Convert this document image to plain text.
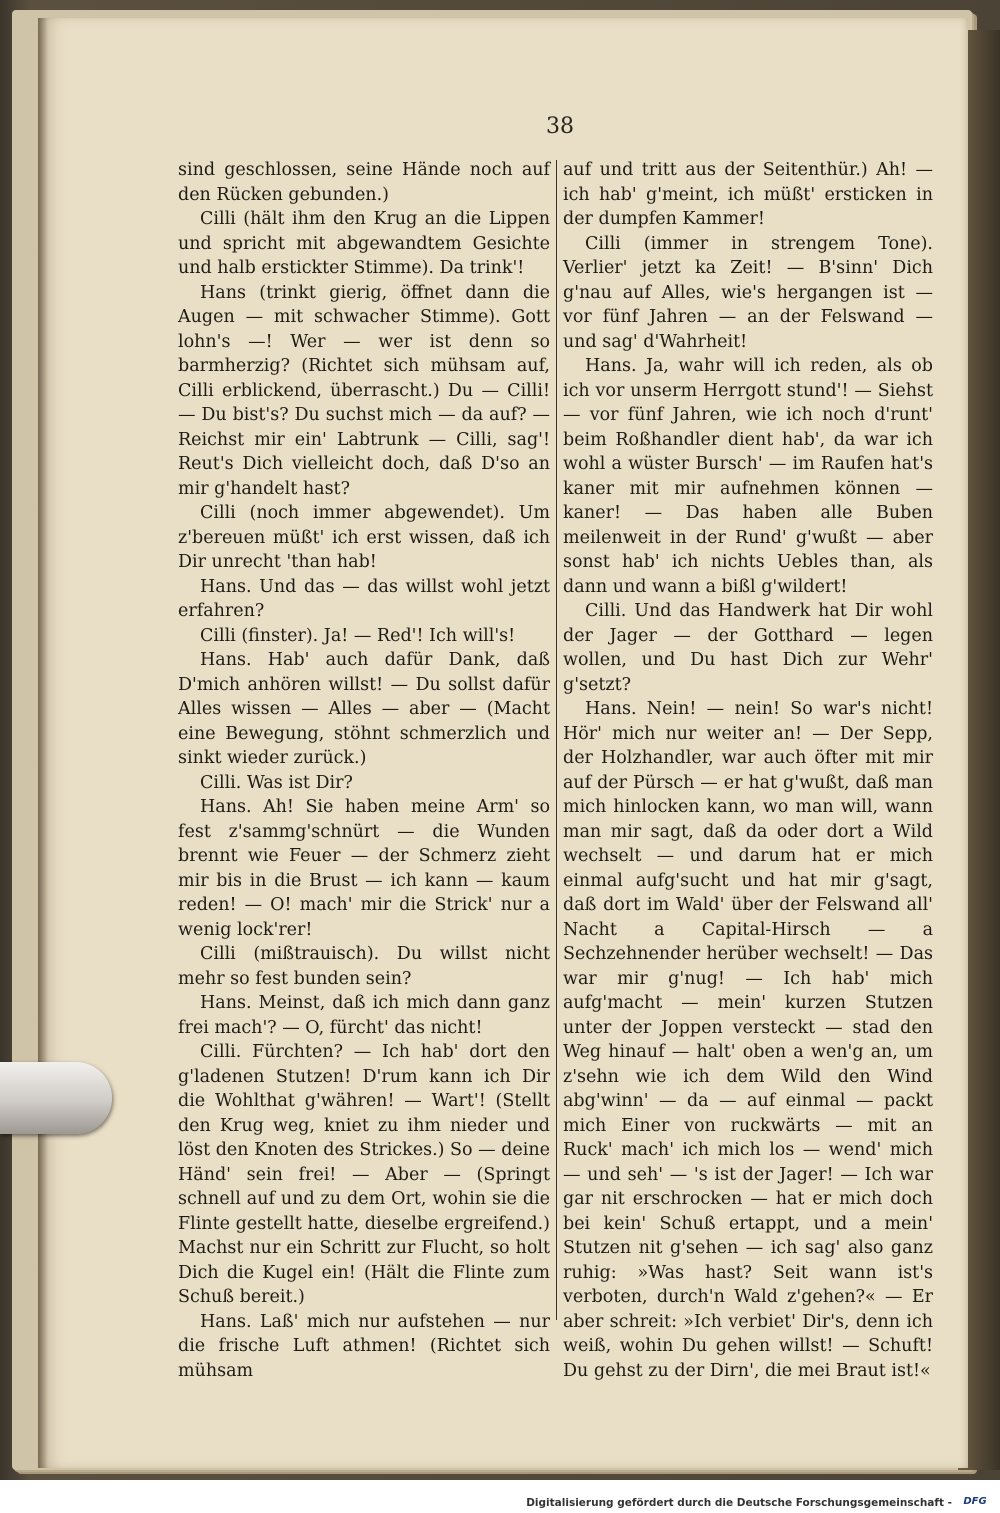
38

sind geschlossen, seine Hände noch auf den Rücken gebunden.)

Cilli (hält ihm den Krug an die Lippen und spricht mit abgewandtem Gesichte und halb erstickter Stimme). Da trink'!

Hans (trinkt gierig, öffnet dann die Augen — mit schwacher Stimme). Gott lohn's —! Wer — wer ist denn so barmherzig? (Richtet sich mühsam auf, Cilli erblickend, überrascht.) Du — Cilli! — Du bist's? Du suchst mich — da auf? — Reichst mir ein' Labtrunk — Cilli, sag'! Reut's Dich vielleicht doch, daß D'so an mir g'handelt hast?

Cilli (noch immer abgewendet). Um z'bereuen müßt' ich erst wissen, daß ich Dir unrecht 'than hab!

Hans. Und das — das willst wohl jetzt erfahren?

Cilli (finster). Ja! — Red'! Ich will's!

Hans. Hab' auch dafür Dank, daß D'mich anhören willst! — Du sollst dafür Alles wissen — Alles — aber — (Macht eine Bewegung, stöhnt schmerzlich und sinkt wieder zurück.)

Cilli. Was ist Dir?

Hans. Ah! Sie haben meine Arm' so fest z'sammg'schnürt — die Wunden brennt wie Feuer — der Schmerz zieht mir bis in die Brust — ich kann — kaum reden! — O! mach' mir die Strick' nur a wenig lock'rer!

Cilli (mißtrauisch). Du willst nicht mehr so fest bunden sein?

Hans. Meinst, daß ich mich dann ganz frei mach'? — O, fürcht' das nicht!

Cilli. Fürchten? — Ich hab' dort den g'ladenen Stutzen! D'rum kann ich Dir die Wohlthat g'währen! — Wart'! (Stellt den Krug weg, kniet zu ihm nieder und löst den Knoten des Strickes.) So — deine Händ' sein frei! — Aber — (Springt schnell auf und zu dem Ort, wohin sie die Flinte gestellt hatte, dieselbe ergreifend.) Machst nur ein Schritt zur Flucht, so holt Dich die Kugel ein! (Hält die Flinte zum Schuß bereit.)

Hans. Laß' mich nur aufstehen — nur die frische Luft athmen! (Richtet sich mühsam

auf und tritt aus der Seitenthür.) Ah! — ich hab' g'meint, ich müßt' ersticken in der dumpfen Kammer!

Cilli (immer in strengem Tone). Verlier' jetzt ka Zeit! — B'sinn' Dich g'nau auf Alles, wie's hergangen ist — vor fünf Jahren — an der Felswand — und sag' d'Wahrheit!

Hans. Ja, wahr will ich reden, als ob ich vor unserm Herrgott stund'! — Siehst — vor fünf Jahren, wie ich noch d'runt' beim Roßhandler dient hab', da war ich wohl a wüster Bursch' — im Raufen hat's kaner mit mir aufnehmen können — kaner! — Das haben alle Buben meilenweit in der Rund' g'wußt — aber sonst hab' ich nichts Uebles than, als dann und wann a bißl g'wildert!

Cilli. Und das Handwerk hat Dir wohl der Jager — der Gotthard — legen wollen, und Du hast Dich zur Wehr' g'setzt?

Hans. Nein! — nein! So war's nicht! Hör' mich nur weiter an! — Der Sepp, der Holzhandler, war auch öfter mit mir auf der Pürsch — er hat g'wußt, daß man mich hinlocken kann, wo man will, wann man mir sagt, daß da oder dort a Wild wechselt — und darum hat er mich einmal aufg'sucht und hat mir g'sagt, daß dort im Wald' über der Felswand all' Nacht a Capital-Hirsch — a Sechzehnender herüber wechselt! — Das war mir g'nug! — Ich hab' mich aufg'macht — mein' kurzen Stutzen unter der Joppen versteckt — stad den Weg hinauf — halt' oben a wen'g an, um z'sehn wie ich dem Wild den Wind abg'winn' — da — auf einmal — packt mich Einer von ruckwärts — mit an Ruck' mach' ich mich los — wend' mich — und seh' — 's ist der Jager! — Ich war gar nit erschrocken — hat er mich doch bei kein' Schuß ertappt, und a mein' Stutzen nit g'sehen — ich sag' also ganz ruhig: »Was hast? Seit wann ist's verboten, durch'n Wald z'gehen?« — Er aber schreit: »Ich verbiet' Dir's, denn ich weiß, wohin Du gehen willst! — Schuft! Du gehst zu der Dirn', die mei Braut ist!«

Digitalisierung gefördert durch die Deutsche Forschungsgemeinschaft -	DFG
